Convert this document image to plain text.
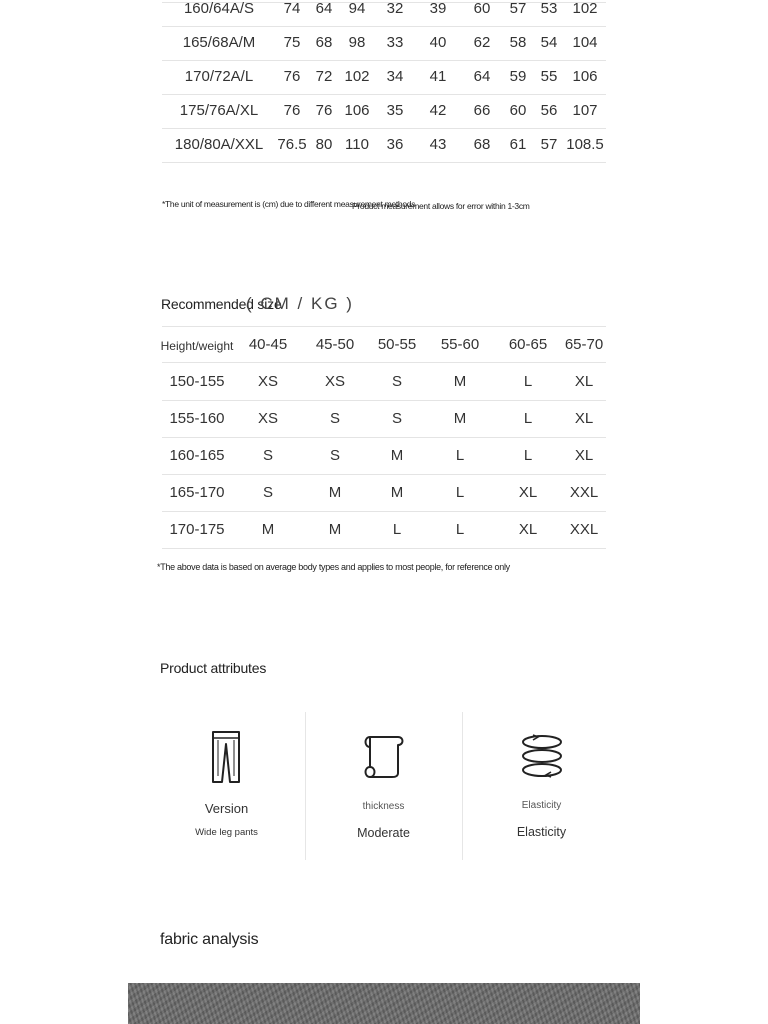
160/64A/S 74 64 94 32 39 60 57 53 102
165/68A/M 75 68 98 33 40 62 58 54 104
170/72A/L 76 72 102 34 41 64 59 55 106
175/76A/XL 76 76 106 35 42 66 60 56 107
180/80A/XXL 76.5 80 110 36 43 68 61 57 108.5
*The unit of measurement is (cm) due to different measurement methods
Product measurement allows for error within 1-3cm
Recommended size
( CM / KG )
Height/weight 40-45 45-50 50-55 55-60 60-65 65-70
150-155 XS	XS	S	M	L	XL
155-160 XS	S	S	M	L	XL
160-165	S	S	M	L	L	XL
165-170	S	M	M	L	XL XXL
170-175 M	M	L	L	XL XXL
*The above data is based on average body types and applies to most people, for reference only
Product attributes
Version
Wide leg pants
thickness
Moderate
Elasticity
Elasticity
fabric analysis
